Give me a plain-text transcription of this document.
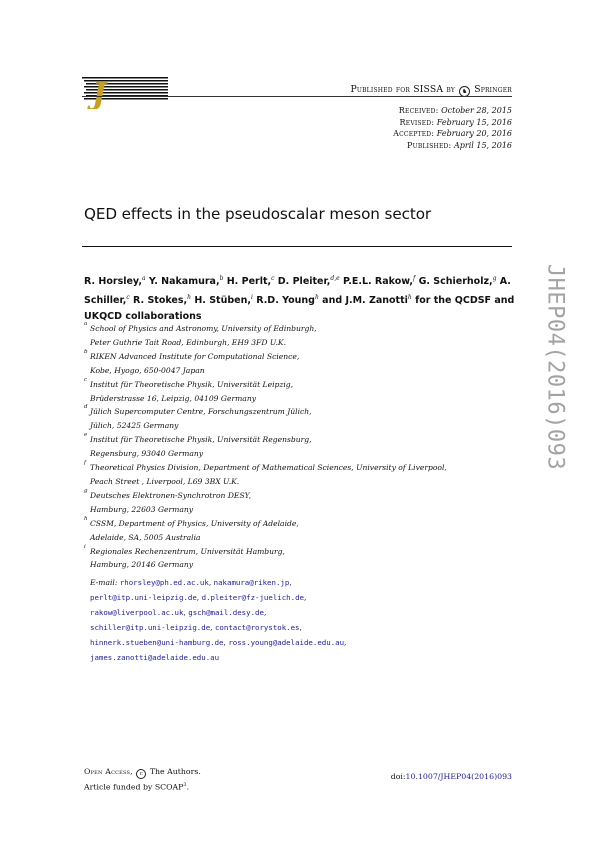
J	Published for SISSA by ♞ Springer
Received: October 28, 2015
Revised: February 15, 2016
Accepted: February 20, 2016
Published: April 15, 2016
QED effects in the pseudoscalar meson sector
R. Horsley,$^a$ Y. Nakamura,$^b$ H. Perlt,$^c$ D. Pleiter,$^{d,e}$ P.E.L. Rakow,$^f$ G. Schierholz,$^g$ A. Schiller,$^c$ R. Stokes,$^h$ H. Stüben,$^i$ R.D. Young$^h$ and J.M. Zanotti$^h$ for the QCDSF and UKQCD collaborations
a School of Physics and Astronomy, University of Edinburgh,
Peter Guthrie Tait Road, Edinburgh, EH9 3FD U.K.
b RIKEN Advanced Institute for Computational Science,
Kobe, Hyogo, 650-0047 Japan
c Institut für Theoretische Physik, Universität Leipzig,
Brüderstrasse 16, Leipzig, 04109 Germany
d Jülich Supercomputer Centre, Forschungszentrum Jülich,
Jülich, 52425 Germany
e Institut für Theoretische Physik, Universität Regensburg,
Regensburg, 93040 Germany
f Theoretical Physics Division, Department of Mathematical Sciences, University of Liverpool,
Peach Street , Liverpool, L69 3BX U.K.
g Deutsches Elektronen-Synchrotron DESY,
Hamburg, 22603 Germany
h CSSM, Department of Physics, University of Adelaide,
Adelaide, SA, 5005 Australia
i Regionales Rechenzentrum, Universität Hamburg,
Hamburg, 20146 Germany
E-mail: rhorsley@ph.ed.ac.uk, nakamura@riken.jp,
perlt@itp.uni-leipzig.de, d.pleiter@fz-juelich.de,
rakow@liverpool.ac.uk, gsch@mail.desy.de,
schiller@itp.uni-leipzig.de, contact@rorystok.es,
hinnerk.stueben@uni-hamburg.de, ross.young@adelaide.edu.au,
james.zanotti@adelaide.edu.au
JHEP04(2016)093
Open Access, c The Authors.
Article funded by SCOAP$^3$.
doi:10.1007/JHEP04(2016)093
